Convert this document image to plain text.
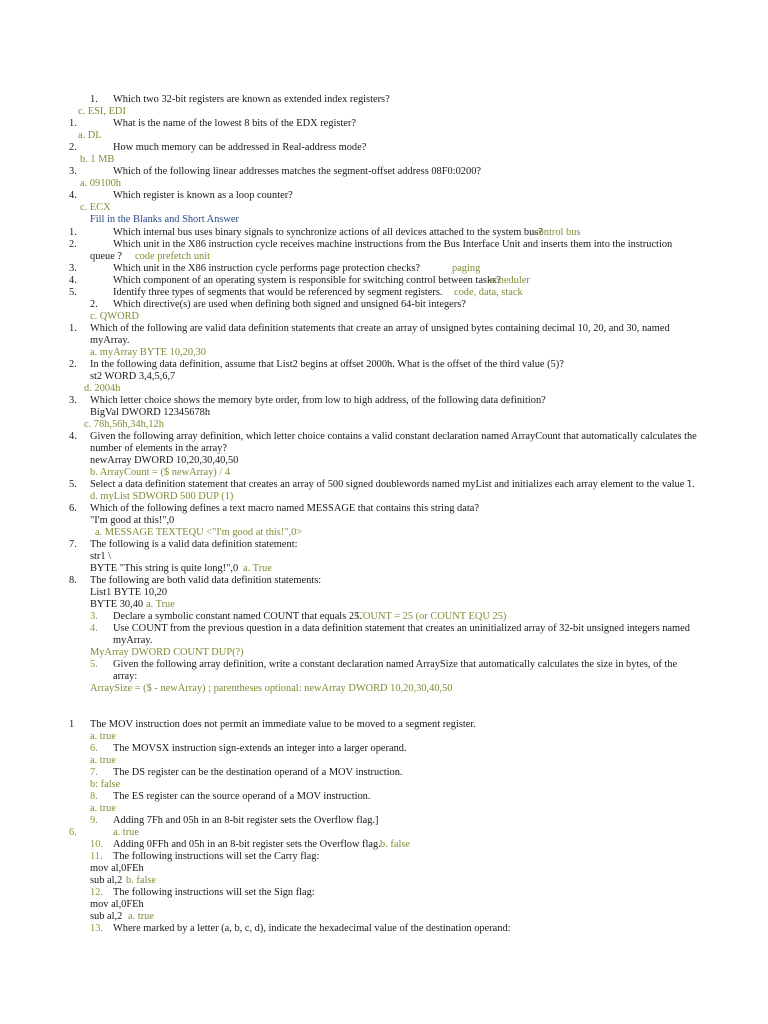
1. Which two 32-bit registers are known as extended index registers?
c. ESI, EDI
1.	What is the name of the lowest 8 bits of the EDX register?
a. DL
2.	How much memory can be addressed in Real-address mode?
b. 1 MB
3.	Which of the following linear addresses matches the segment-offset address 08F0:0200?
a. 09100h
4.	Which register is known as a loop counter?
c. ECX
Fill in the Blanks and Short Answer
1.	Which internal bus uses binary signals to synchronize actions of all devices attached to the system bus?
control bus
2.	Which unit in the X86 instruction cycle receives machine instructions from the Bus Interface Unit and inserts them into the instruction
queue ? code prefetch unit
3.	Which unit in the X86 instruction cycle performs page protection checks?	paging
4.	Which component of an operating system is responsible for switching control between tasks?
scheduler
5.	Identify three types of segments that would be referenced by segment registers. code, data, stack
2. Which directive(s) are used when defining both signed and unsigned 64-bit integers?
c. QWORD
1. Which of the following are valid data definition statements that create an array of unsigned bytes containing decimal 10, 20, and 30, named
myArray.
a. myArray BYTE 10,20,30
2. In the following data definition, assume that List2 begins at offset 2000h. What is the offset of the third value (5)?
st2 WORD 3,4,5,6,7
d. 2004h
3. Which letter choice shows the memory byte order, from low to high address, of the following data definition?
BigVal DWORD 12345678h
c. 78h,56h,34h,12h
4. Given the following array definition, which letter choice contains a valid constant declaration named ArrayCount that automatically calculates the
number of elements in the array?
newArray DWORD 10,20,30,40,50
b. ArrayCount = ($ newArray) / 4
5. Select a data definition statement that creates an array of 500 signed doublewords named myList and initializes each array element to the value ̃1.
d. myList SDWORD 500 DUP (1)
6. Which of the following defines a text macro named MESSAGE that contains this string data?
"I'm good at this!",0
a. MESSAGE TEXTEQU <"I'm good at this!",0>
7. The following is a valid data definition statement:
str1 \
BYTE "This string is quite long!",0 a. True
8. The following are both valid data definition statements:
List1 BYTE 10,20
BYTE 30,40 a. True
3. Declare a symbolic constant named COUNT that equals 25.
COUNT = 25 (or COUNT EQU 25)
4. Use COUNT from the previous question in a data definition statement that creates an uninitialized array of 32-bit unsigned integers named
myArray.
MyArray DWORD COUNT DUP(?)
5. Given the following array definition, write a constant declaration named ArraySize that automatically calculates the size in bytes, of the
array:
ArraySize = ($ - newArray) ; parentheses optional: newArray DWORD 10,20,30,40,50
1 The MOV instruction does not permit an immediate value to be moved to a segment register.
a. true
6. The MOVSX instruction sign-extends an integer into a larger operand.
a. true
7. The DS register can be the destination operand of a MOV instruction.
b: false
8. The ES register can the source operand of a MOV instruction.
a. true
9. Adding 7Fh and 05h in an 8-bit register sets the Overflow flag.]
6.	a. true
10. Adding 0FFh and 05h in an 8-bit register sets the Overflow flag. b. false
11. The following instructions will set the Carry flag:
mov al,0FEh
sub al,2 b. false
12. The following instructions will set the Sign flag:
mov al,0FEh
sub al,2 a. true
13. Where marked by a letter (a, b, c, d), indicate the hexadecimal value of the destination operand:
